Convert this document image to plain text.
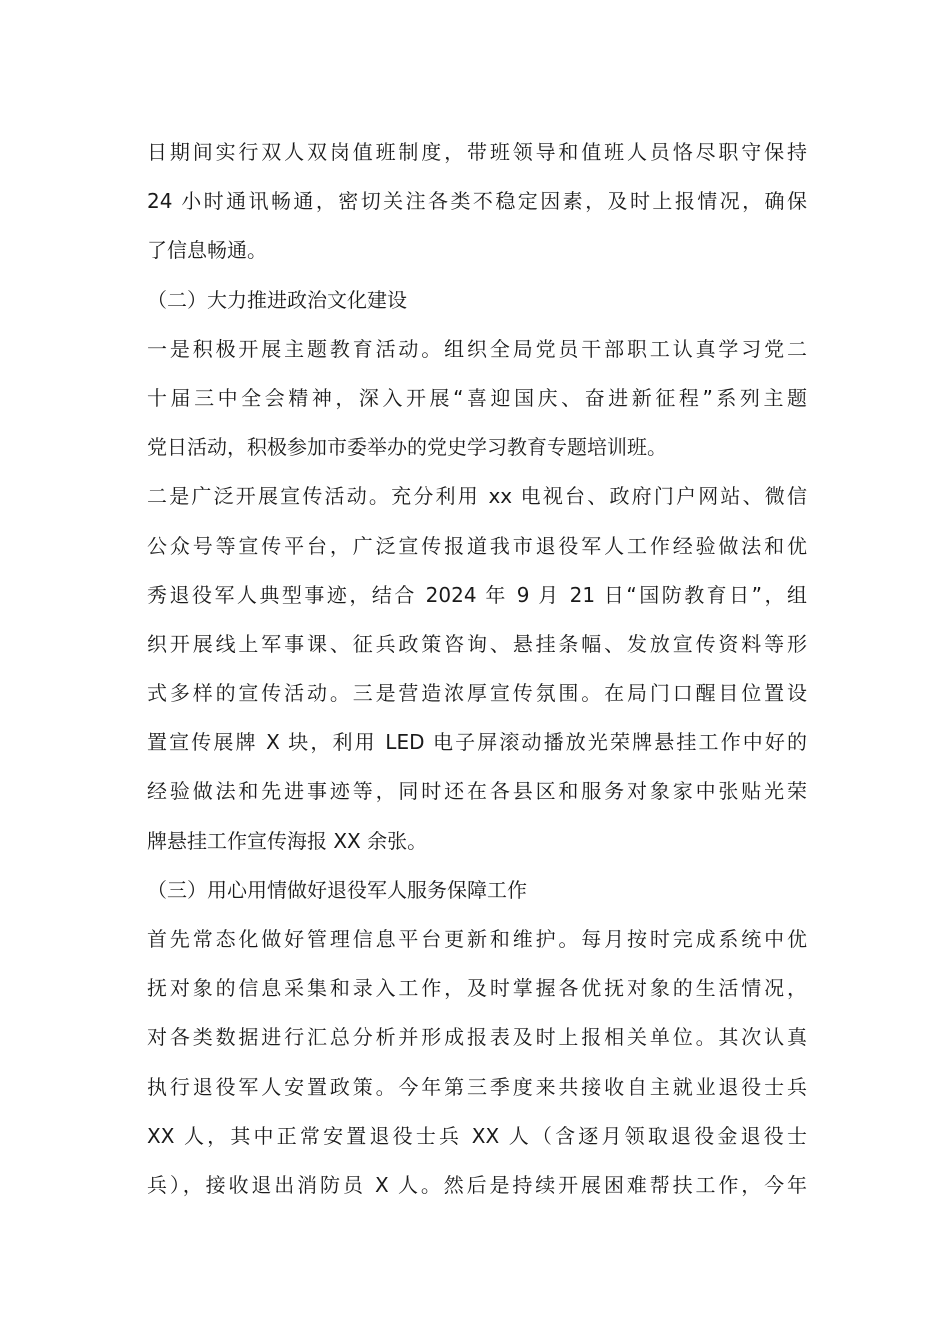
日期间实行双人双岗值班制度，带班领导和值班人员恪尽职守保持
24 小时通讯畅通，密切关注各类不稳定因素，及时上报情况，确保
了信息畅通。
（二）大力推进政治文化建设
一是积极开展主题教育活动。组织全局党员干部职工认真学习党二
十届三中全会精神，深入开展“喜迎国庆、奋进新征程”系列主题
党日活动，积极参加市委举办的党史学习教育专题培训班。
二是广泛开展宣传活动。充分利用 xx 电视台、政府门户网站、微信
公众号等宣传平台，广泛宣传报道我市退役军人工作经验做法和优
秀退役军人典型事迹，结合 2024 年 9 月 21 日“国防教育日”，组
织开展线上军事课、征兵政策咨询、悬挂条幅、发放宣传资料等形
式多样的宣传活动。三是营造浓厚宣传氛围。在局门口醒目位置设
置宣传展牌 X 块，利用 LED 电子屏滚动播放光荣牌悬挂工作中好的
经验做法和先进事迹等，同时还在各县区和服务对象家中张贴光荣
牌悬挂工作宣传海报 XX 余张。
（三）用心用情做好退役军人服务保障工作
首先常态化做好管理信息平台更新和维护。每月按时完成系统中优
抚对象的信息采集和录入工作，及时掌握各优抚对象的生活情况，
对各类数据进行汇总分析并形成报表及时上报相关单位。其次认真
执行退役军人安置政策。今年第三季度来共接收自主就业退役士兵
XX 人，其中正常安置退役士兵 XX 人（含逐月领取退役金退役士
兵），接收退出消防员 X 人。然后是持续开展困难帮扶工作，今年
